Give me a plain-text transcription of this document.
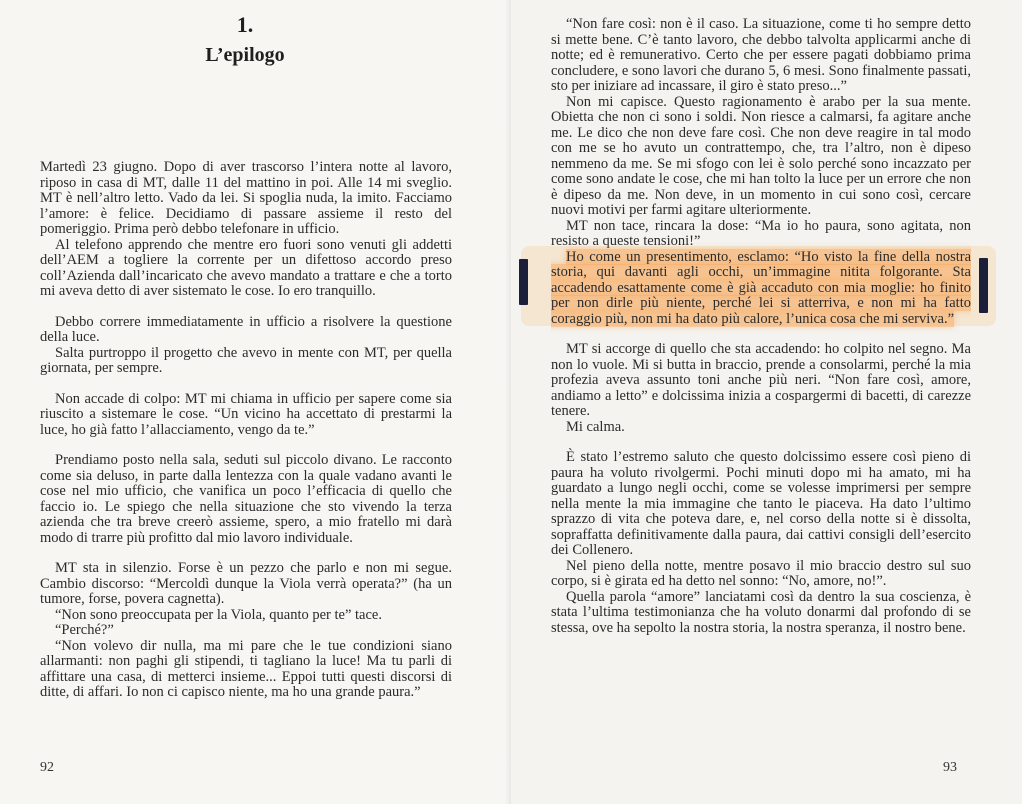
1.
L’epilogo

Martedì 23 giugno. Dopo di aver trascorso l’intera notte al lavoro, riposo in casa di MT, dalle 11 del mattino in poi. Alle 14 mi sveglio. MT è nell’altro letto. Vado da lei. Si spoglia nuda, la imito. Facciamo l’amore: è felice. Decidiamo di passare assieme il resto del pomeriggio. Prima però debbo telefonare in ufficio.

Al telefono apprendo che mentre ero fuori sono venuti gli addetti dell’AEM a togliere la corrente per un difettoso accordo preso coll’Azienda dall’incaricato che avevo mandato a trattare e che a torto mi aveva detto di aver sistemato le cose. Io ero tranquillo.

Debbo correre immediatamente in ufficio a risolvere la questione della luce.

Salta purtroppo il progetto che avevo in mente con MT, per quella giornata, per sempre.

Non accade di colpo: MT mi chiama in ufficio per sapere come sia riuscito a sistemare le cose. “Un vicino ha accettato di prestarmi la luce, ho già fatto l’allacciamento, vengo da te.”

Prendiamo posto nella sala, seduti sul piccolo divano. Le racconto come sia deluso, in parte dalla lentezza con la quale vadano avanti le cose nel mio ufficio, che vanifica un poco l’efficacia di quello che faccio io. Le spiego che nella situazione che sto vivendo la terza azienda che tra breve creerò assieme, spero, a mio fratello mi darà modo di trarre più profitto dal mio lavoro individuale.

MT sta in silenzio. Forse è un pezzo che parlo e non mi segue. Cambio discorso: “Mercoldì dunque la Viola verrà operata?” (ha un tumore, forse, povera cagnetta).

“Non sono preoccupata per la Viola, quanto per te” tace.

“Perché?”

“Non volevo dir nulla, ma mi pare che le tue condizioni siano allarmanti: non paghi gli stipendi, ti tagliano la luce! Ma tu parli di affittare una casa, di metterci insieme... Eppoi tutti questi discorsi di ditte, di affari. Io non ci capisco niente, ma ho una grande paura.”

92

“Non fare così: non è il caso. La situazione, come ti ho sempre detto si mette bene. C’è tanto lavoro, che debbo talvolta applicarmi anche di notte; ed è remunerativo. Certo che per essere pagati dobbiamo prima concludere, e sono lavori che durano 5, 6 mesi. Sono finalmente passati, sto per iniziare ad incassare, il giro è stato preso...”

Non mi capisce. Questo ragionamento è arabo per la sua mente. Obietta che non ci sono i soldi. Non riesce a calmarsi, fa agitare anche me. Le dico che non deve fare così. Che non deve reagire in tal modo con me se ho avuto un contrattempo, che, tra l’altro, non è dipeso nemmeno da me. Se mi sfogo con lei è solo perché sono incazzato per come sono andate le cose, che mi han tolto la luce per un errore che non è dipeso da me. Non deve, in un momento in cui sono così, cercare nuovi motivi per farmi agitare ulteriormente.

MT non tace, rincara la dose: “Ma io ho paura, sono agitata, non resisto a queste tensioni!”

Ho come un presentimento, esclamo: “Ho visto la fine della nostra storia, qui davanti agli occhi, un’immagine nitita folgorante. Sta accadendo esattamente come è già accaduto con mia moglie: ho finito per non dirle più niente, perché lei si atterriva, e non mi ha fatto coraggio più, non mi ha dato più calore, l’unica cosa che mi serviva.”

MT si accorge di quello che sta accadendo: ho colpito nel segno. Ma non lo vuole. Mi si butta in braccio, prende a consolarmi, perché la mia profezia aveva assunto toni anche più neri. “Non fare così, amore, andiamo a letto” e dolcissima inizia a cospargermi di bacetti, di carezze tenere.

Mi calma.

È stato l’estremo saluto che questo dolcissimo essere così pieno di paura ha voluto rivolgermi. Pochi minuti dopo mi ha amato, mi ha guardato a lungo negli occhi, come se volesse imprimersi per sempre nella mente la mia immagine che tanto le piaceva. Ha dato l’ultimo sprazzo di vita che poteva dare, e, nel corso della notte si è dissolta, sopraffatta definitivamente dalla paura, dai cattivi consigli dell’esercito dei Collenero.

Nel pieno della notte, mentre posavo il mio braccio destro sul suo corpo, si è girata ed ha detto nel sonno: “No, amore, no!”.

Quella parola “amore” lanciatami così da dentro la sua coscienza, è stata l’ultima testimonianza che ha voluto donarmi dal profondo di se stessa, ove ha sepolto la nostra storia, la nostra speranza, il nostro bene.

93
